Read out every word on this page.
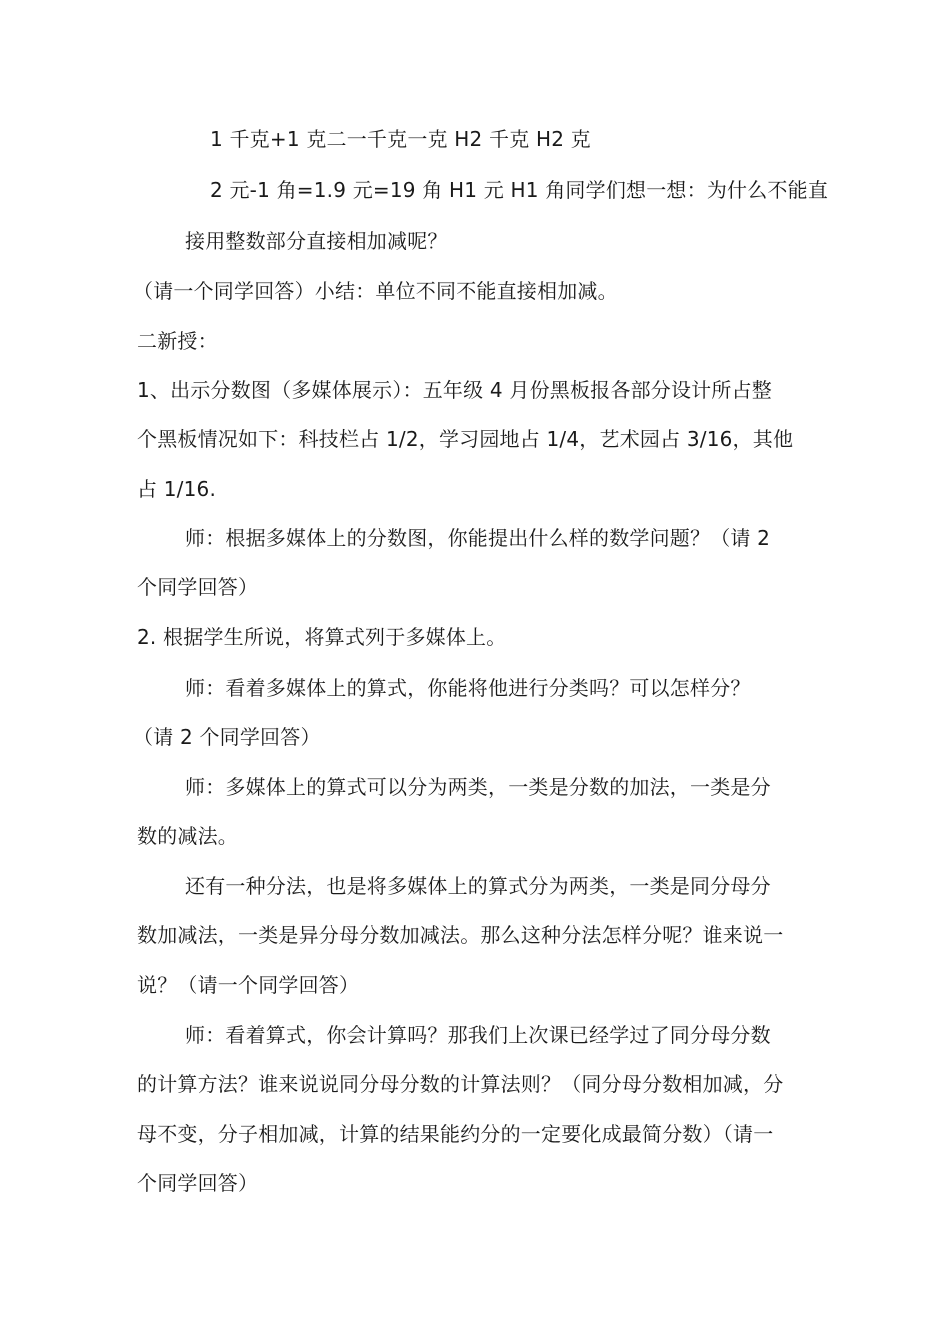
1 千克+1 克二一千克一克 H2 千克 H2 克
2 元-1 角=1.9 元=19 角 H1 元 H1 角同学们想一想：为什么不能直
接用整数部分直接相加减呢？
（请一个同学回答）小结：单位不同不能直接相加减。
二新授：
1、出示分数图（多媒体展示）：五年级 4 月份黑板报各部分设计所占整
个黑板情况如下：科技栏占 1/2，学习园地占 1/4，艺术园占 3/16，其他
占 1/16.
师：根据多媒体上的分数图，你能提出什么样的数学问题？（请 2
个同学回答）
2. 根据学生所说，将算式列于多媒体上。
师：看着多媒体上的算式，你能将他进行分类吗？可以怎样分？
（请 2 个同学回答）
师：多媒体上的算式可以分为两类，一类是分数的加法，一类是分
数的减法。
还有一种分法，也是将多媒体上的算式分为两类，一类是同分母分
数加减法，一类是异分母分数加减法。那么这种分法怎样分呢？谁来说一
说？（请一个同学回答）
师：看着算式，你会计算吗？那我们上次课已经学过了同分母分数
的计算方法？谁来说说同分母分数的计算法则？（同分母分数相加减，分
母不变，分子相加减，计算的结果能约分的一定要化成最简分数）（请一
个同学回答）
